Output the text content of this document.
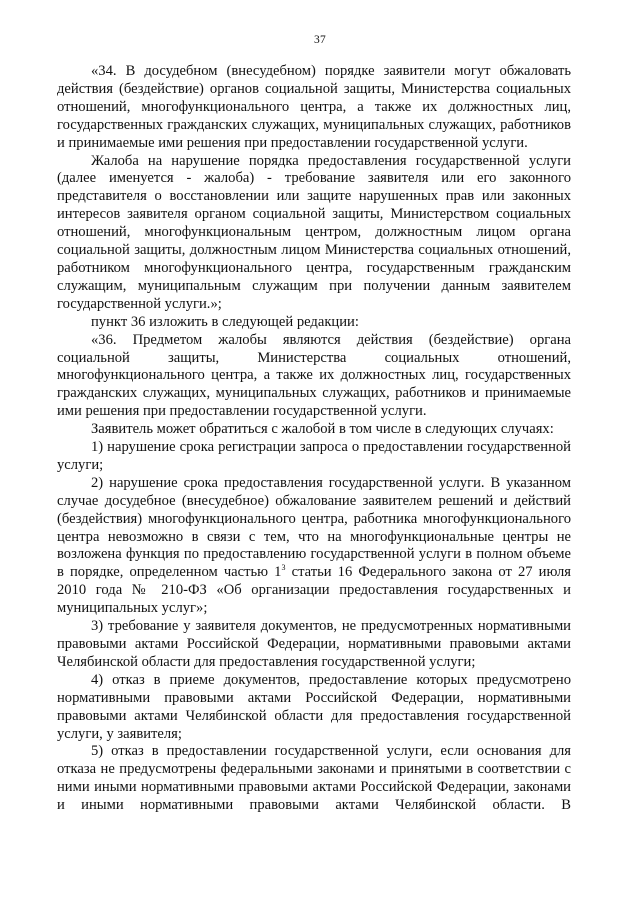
37

«34. В досудебном (внесудебном) порядке заявители могут обжаловать действия (бездействие) органов социальной защиты, Министерства социальных отношений, многофункционального центра, а также их должностных лиц, государственных гражданских служащих, муниципальных служащих, работников и принимаемые ими решения при предоставлении государственной услуги.

Жалоба на нарушение порядка предоставления государственной услуги (далее именуется - жалоба) - требование заявителя или его законного представителя о восстановлении или защите нарушенных прав или законных интересов заявителя органом социальной защиты, Министерством социальных отношений, многофункциональным центром, должностным лицом органа социальной защиты, должностным лицом Министерства социальных отношений, работником многофункционального центра, государственным гражданским служащим, муниципальным служащим при получении данным заявителем государственной услуги.»;

пункт 36 изложить в следующей редакции:

«36. Предметом жалобы являются действия (бездействие) органа социальной защиты, Министерства социальных отношений, многофункционального центра, а также их должностных лиц, государственных гражданских служащих, муниципальных служащих, работников и принимаемые ими решения при предоставлении государственной услуги.

Заявитель может обратиться с жалобой в том числе в следующих случаях:

1) нарушение срока регистрации запроса о предоставлении государственной услуги;

2) нарушение срока предоставления государственной услуги. В указанном случае досудебное (внесудебное) обжалование заявителем решений и действий (бездействия) многофункционального центра, работника многофункционального центра невозможно в связи с тем, что на многофункциональные центры не возложена функция по предоставлению государственной услуги в полном объеме в порядке, определенном частью $1^3$ статьи 16 Федерального закона от 27 июля 2010 года № 210-ФЗ «Об организации предоставления государственных и муниципальных услуг»;

3) требование у заявителя документов, не предусмотренных нормативными правовыми актами Российской Федерации, нормативными правовыми актами Челябинской области для предоставления государственной услуги;

4) отказ в приеме документов, предоставление которых предусмотрено нормативными правовыми актами Российской Федерации, нормативными правовыми актами Челябинской области для предоставления государственной услуги, у заявителя;

5) отказ в предоставлении государственной услуги, если основания для отказа не предусмотрены федеральными законами и принятыми в соответствии с ними иными нормативными правовыми актами Российской Федерации, законами и иными нормативными правовыми актами Челябинской области. В
